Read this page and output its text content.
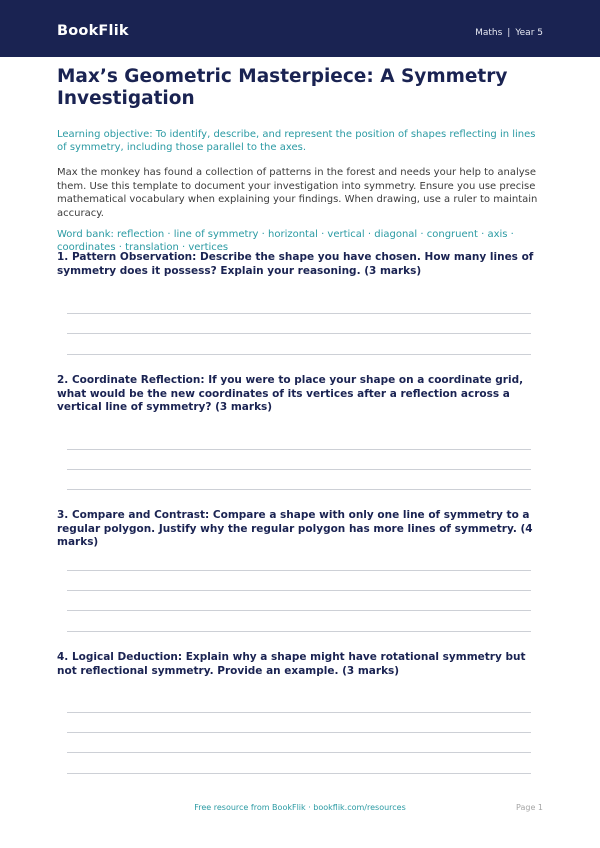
BookFlik	Maths | Year 5
Max’s Geometric Masterpiece: A Symmetry Investigation

Learning objective: To identify, describe, and represent the position of shapes reflecting in lines of symmetry, including those parallel to the axes.

Max the monkey has found a collection of patterns in the forest and needs your help to analyse them. Use this template to document your investigation into symmetry. Ensure you use precise mathematical vocabulary when explaining your findings. When drawing, use a ruler to maintain accuracy.

Word bank: reflection · line of symmetry · horizontal · vertical · diagonal · congruent · axis · coordinates · translation · vertices

1. Pattern Observation: Describe the shape you have chosen. How many lines of symmetry does it possess? Explain your reasoning. (3 marks)
2. Coordinate Reflection: If you were to place your shape on a coordinate grid, what would be the new coordinates of its vertices after a reflection across a vertical line of symmetry? (3 marks)
3. Compare and Contrast: Compare a shape with only one line of symmetry to a regular polygon. Justify why the regular polygon has more lines of symmetry. (4 marks)
4. Logical Deduction: Explain why a shape might have rotational symmetry but not reflectional symmetry. Provide an example. (3 marks)
Free resource from BookFlik · bookflik.com/resources	Page 1
